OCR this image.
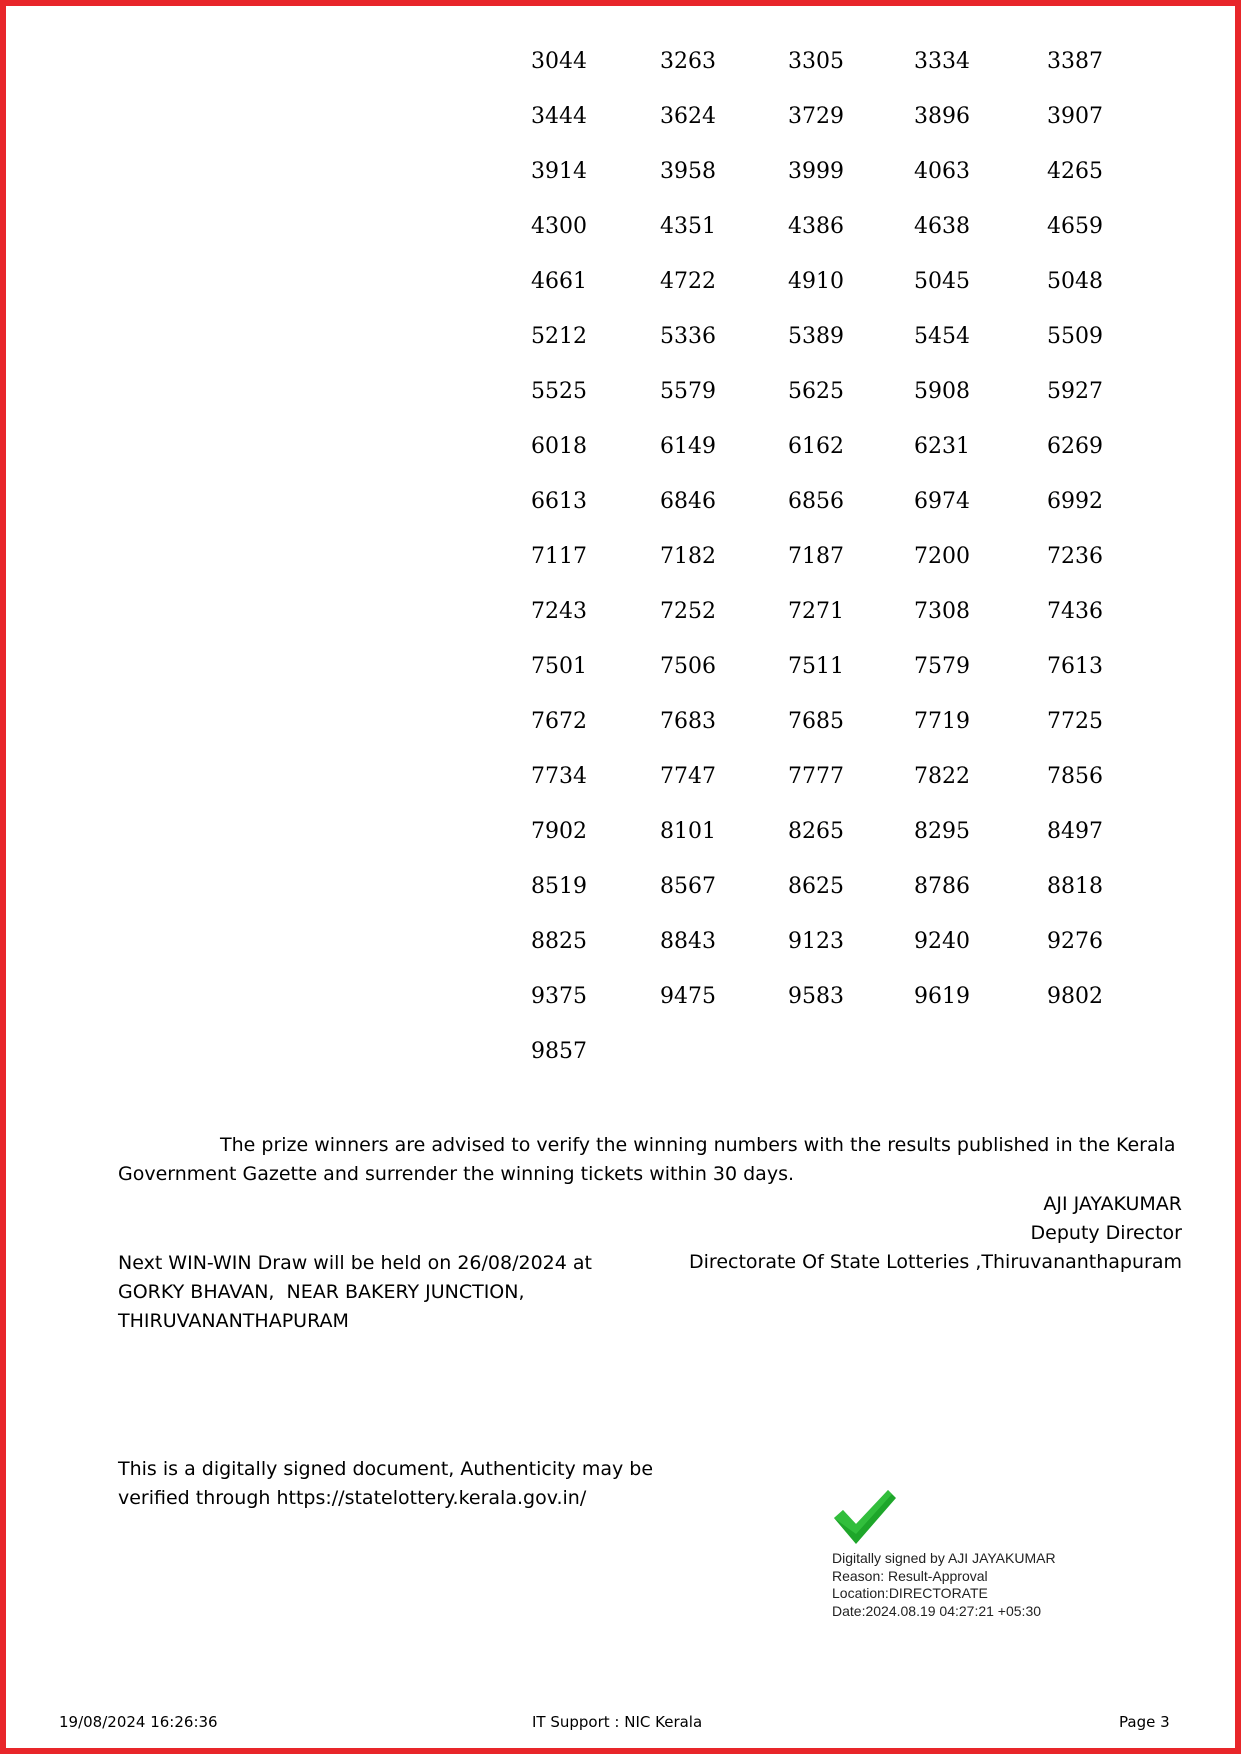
3044	3263	3305	3334	3387
3444	3624	3729	3896	3907
3914	3958	3999	4063	4265
4300	4351	4386	4638	4659
4661	4722	4910	5045	5048
5212	5336	5389	5454	5509
5525	5579	5625	5908	5927
6018	6149	6162	6231	6269
6613	6846	6856	6974	6992
7117	7182	7187	7200	7236
7243	7252	7271	7308	7436
7501	7506	7511	7579	7613
7672	7683	7685	7719	7725
7734	7747	7777	7822	7856
7902	8101	8265	8295	8497
8519	8567	8625	8786	8818
8825	8843	9123	9240	9276
9375	9475	9583	9619	9802
9857
The prize winners are advised to verify the winning numbers with the results published in the Kerala
Government Gazette and surrender the winning tickets within 30 days.
AJI JAYAKUMAR
Deputy Director
Directorate Of State Lotteries ,Thiruvananthapuram
Next WIN-WIN Draw will be held on 26/08/2024 at
GORKY BHAVAN,  NEAR BAKERY JUNCTION,
THIRUVANANTHAPURAM
This is a digitally signed document, Authenticity may be
verified through https://statelottery.kerala.gov.in/
Digitally signed by AJI JAYAKUMAR
Reason: Result-Approval
Location:DIRECTORATE
Date:2024.08.19 04:27:21 +05:30
19/08/2024 16:26:36	IT Support : NIC Kerala	Page 3
